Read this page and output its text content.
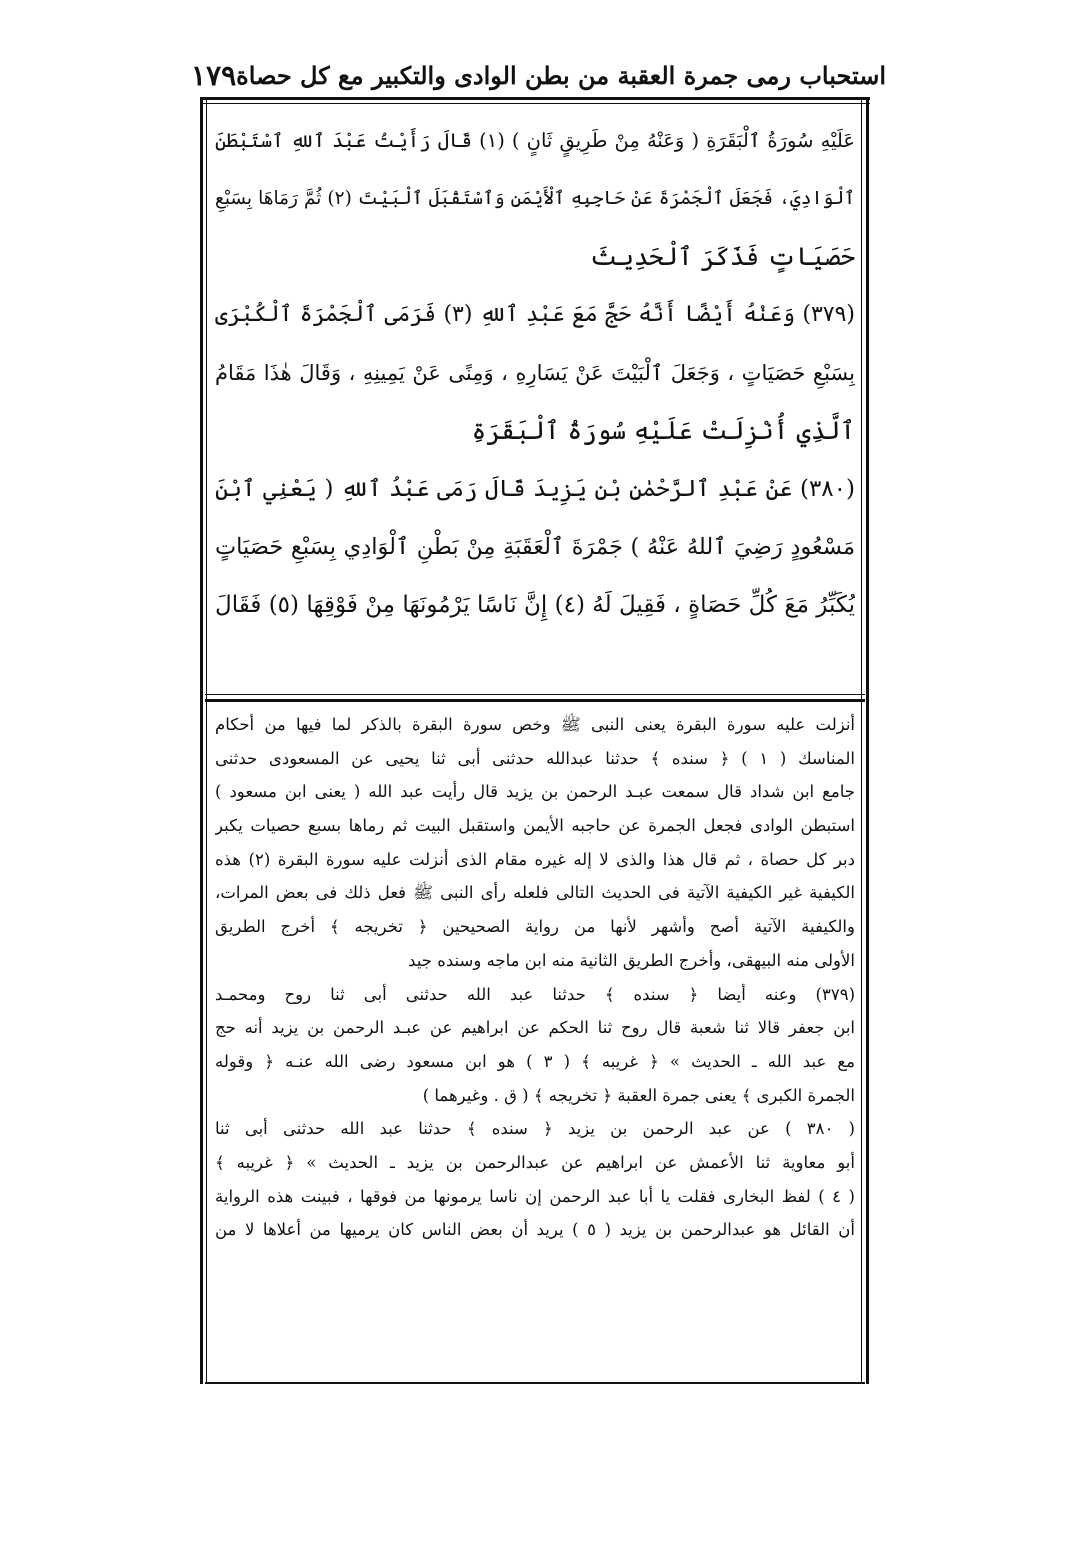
استحباب رمى جمرة العقبة من بطن الوادى والتكبير مع كل حصاة
١٧٩
عَلَيْهِ سُورَةُ ٱلْبَقَرَةِ ( وَعَنْهُ مِنْ طَرِيقٍ ثَانٍ ) (١) قَالَ رَأَيْتُ عَبْدَ ٱللهِ ٱسْتَبْطَنَ
ٱلْوَادِيَ، فَجَعَلَ ٱلْجَمْرَةَ عَنْ حَاجِبِهِ ٱلْأَيْمَنِ وَٱسْتَقْبَلَ ٱلْبَيْتَ (٢) ثُمَّ رَمَاهَا بِسَبْعِ
حَصَيَاتٍ فَذَكَرَ ٱلْحَدِيثَ
(٣٧٩) وَعَنْهُ أَيْضًا أَنَّهُ حَجَّ مَعَ عَبْدِ ٱللهِ (٣) فَرَمَى ٱلْجَمْرَةَ ٱلْكُبْرَى
بِسَبْعِ حَصَيَاتٍ ، وَجَعَلَ ٱلْبَيْتَ عَنْ يَسَارِهِ ، وَمِنًى عَنْ يَمِينِهِ ، وَقَالَ هٰذَا مَقَامُ
ٱلَّذِي أُنْزِلَتْ عَلَيْهِ سُورَةُ ٱلْبَقَرَةِ
(٣٨٠) عَنْ عَبْدِ ٱلرَّحْمٰنِ بْنِ يَزِيدَ قَالَ رَمَى عَبْدُ ٱللهِ ( يَعْنِي ٱبْنَ
مَسْعُودٍ رَضِيَ ٱللهُ عَنْهُ ) جَمْرَةَ ٱلْعَقَبَةِ مِنْ بَطْنِ ٱلْوَادِي بِسَبْعِ حَصَيَاتٍ
يُكَبِّرُ مَعَ كُلِّ حَصَاةٍ ، فَقِيلَ لَهُ (٤) إِنَّ نَاسًا يَرْمُونَهَا مِنْ فَوْقِهَا (٥) فَقَالَ
أنزلت عليه سورة البقرة يعنى النبى ﷺ وخص سورة البقرة بالذكر لما فيها من أحكام
المناسك ( ١ ) ﴿ سنده ﴾ حدثنا عبدالله حدثنى أبى ثنا يحيى عن المسعودى حدثنى
جامع ابن شداد قال سمعت عبـد الرحمن بن يزيد قال رأيت عبد الله ( يعنى ابن مسعود )
استبطن الوادى فجعل الجمرة عن حاجبه الأيمن واستقبل البيت ثم رماها بسبع حصيات يكبر
دبر كل حصاة ، ثم قال هذا والذى لا إله غيره مقام الذى أنزلت عليه سورة البقرة (٢) هذه
الكيفية غير الكيفية الآتية فى الحديث التالى فلعله رأى النبى ﷺ فعل ذلك فى بعض المرات،
والكيفية الآتية أصح وأشهر لأنها من رواية الصحيحين ﴿ تخريجه ﴾ أخرج الطريق
الأولى منه البيهقى، وأخرج الطريق الثانية منه ابن ماجه وسنده جيد
(٣٧٩) وعنه أيضا ﴿ سنده ﴾ حدثنا عبد الله حدثنى أبى ثنا روح ومحمـد
ابن جعفر قالا ثنا شعبة قال روح ثنا الحكم عن ابراهيم عن عبـد الرحمن بن يزيد أنه حج
مع عبد الله ـ الحديث » ﴿ غريبه ﴾ ( ٣ ) هو ابن مسعود رضى الله عنـه ﴿ وقوله
الجمرة الكبرى ﴾ يعنى جمرة العقبة ﴿ تخريجه ﴾ ( ق . وغيرهما )
( ٣٨٠ ) عن عبد الرحمن بن يزيد ﴿ سنده ﴾ حدثنا عبد الله حدثنى أبى ثنا
أبو معاوية ثنا الأعمش عن ابراهيم عن عبدالرحمن بن يزيد ـ الحديث » ﴿ غريبه ﴾
( ٤ ) لفظ البخارى فقلت يا أبا عبد الرحمن إن ناسا يرمونها من فوقها ، فبينت هذه الرواية
أن القائل هو عبدالرحمن بن يزيد ( ٥ ) يريد أن بعض الناس كان يرميها من أعلاها لا من
